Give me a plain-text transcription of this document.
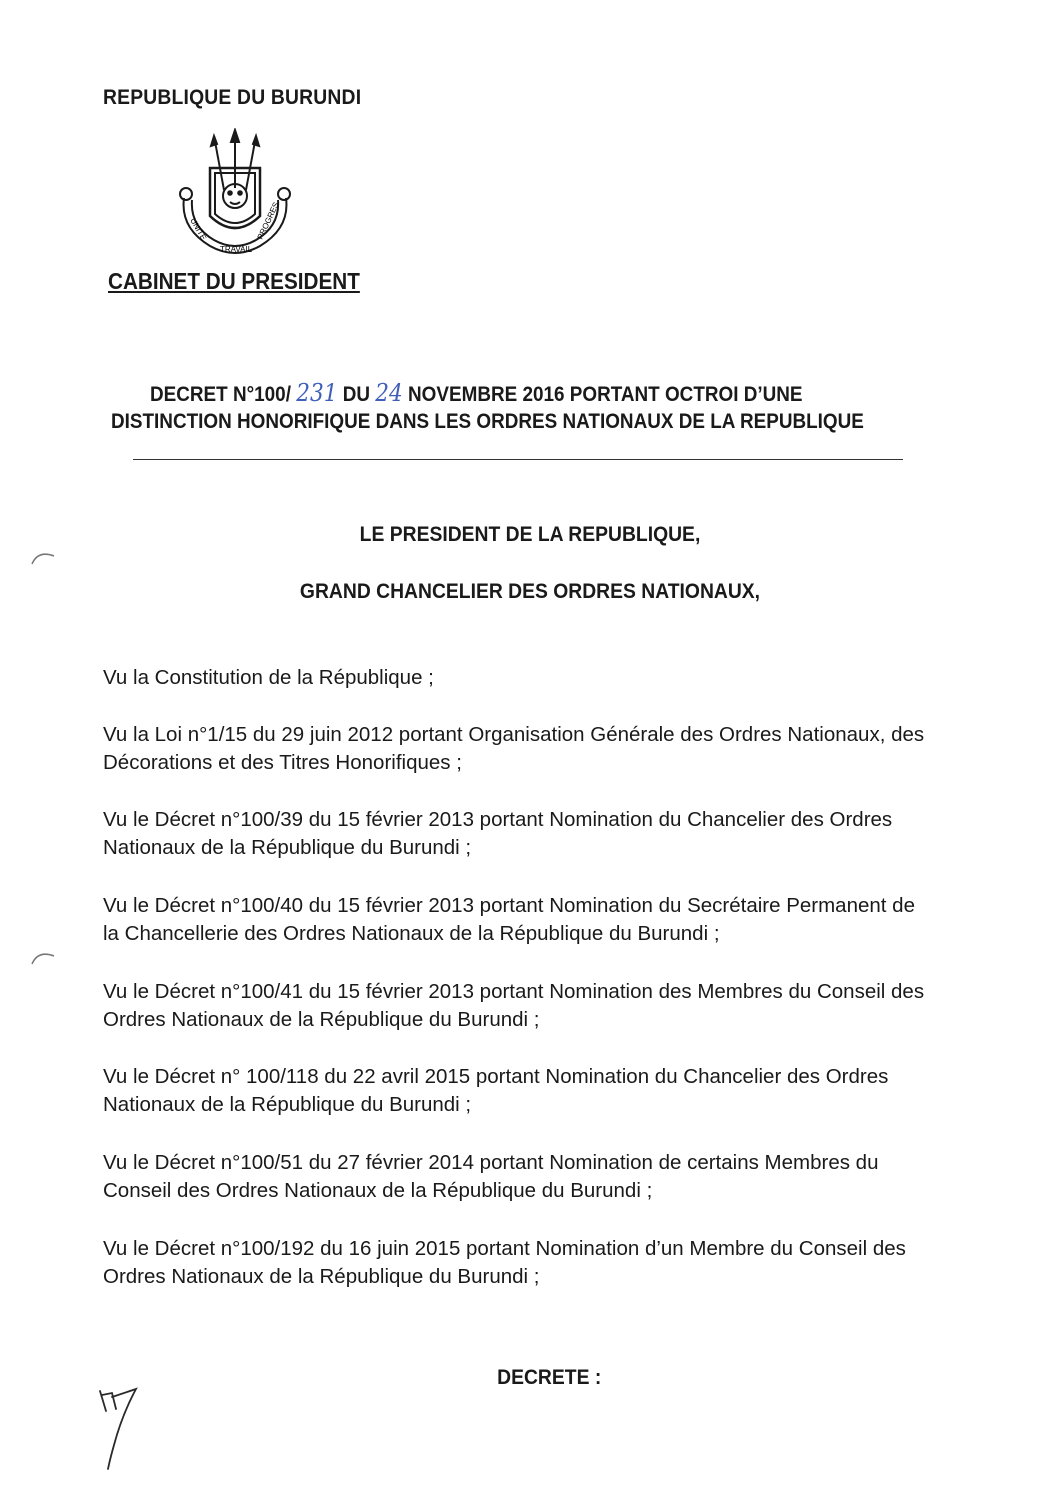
REPUBLIQUE DU BURUNDI
UNITE
TRAVAIL
PROGRES
CABINET DU PRESIDENT
DECRET N°100/ 231 DU 24 NOVEMBRE 2016 PORTANT OCTROI D’UNE
DISTINCTION HONORIFIQUE DANS LES ORDRES NATIONAUX DE LA REPUBLIQUE
LE PRESIDENT DE LA REPUBLIQUE,
GRAND CHANCELIER DES ORDRES NATIONAUX,
Vu la Constitution de la République ;
Vu la Loi n°1/15 du 29 juin 2012 portant Organisation Générale des Ordres Nationaux, des
Décorations et des Titres Honorifiques ;
Vu le Décret n°100/39 du 15 février 2013 portant Nomination du Chancelier des Ordres
Nationaux de la République du Burundi ;
Vu le Décret n°100/40 du 15 février 2013 portant Nomination du Secrétaire Permanent de
la Chancellerie des Ordres Nationaux de la République du Burundi ;
Vu le Décret n°100/41 du 15 février 2013 portant Nomination des Membres du Conseil des
Ordres Nationaux de la République du Burundi ;
Vu le Décret n° 100/118 du 22 avril 2015 portant Nomination du Chancelier des Ordres
Nationaux de la République du Burundi ;
Vu le Décret n°100/51 du 27 février 2014 portant Nomination de certains Membres du
Conseil des Ordres Nationaux de la République du Burundi ;
Vu le Décret n°100/192 du 16 juin 2015 portant Nomination d’un Membre du Conseil des
Ordres Nationaux de la République du Burundi ;
DECRETE :
